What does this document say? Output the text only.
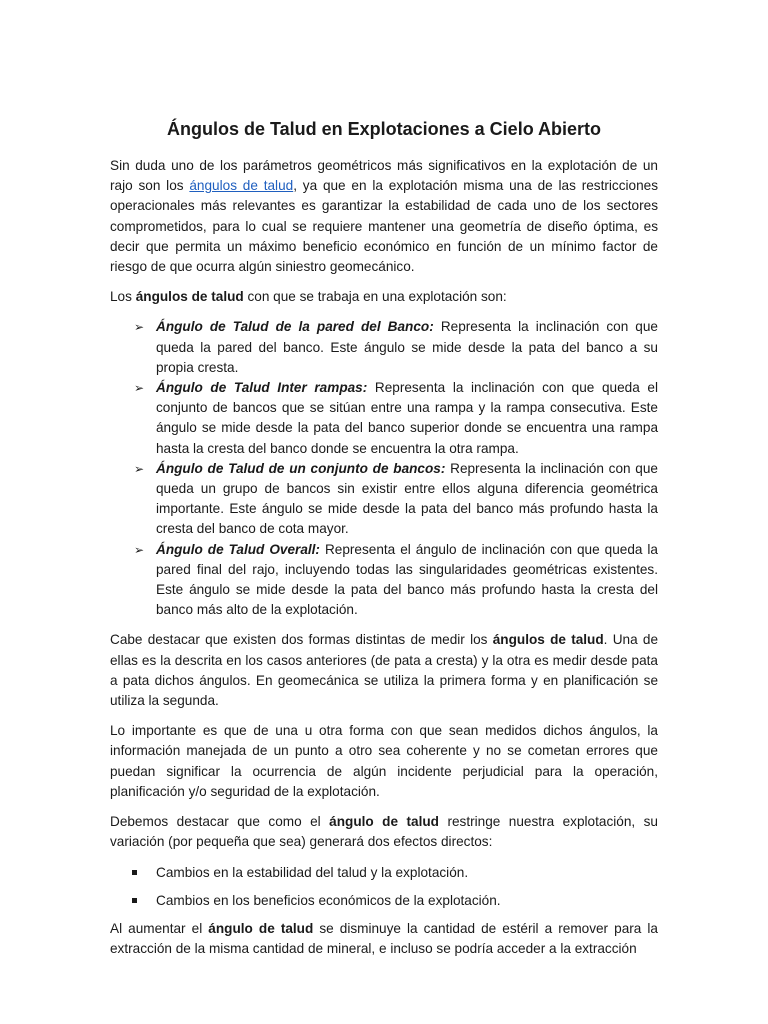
Ángulos de Talud en Explotaciones a Cielo Abierto

Sin duda uno de los parámetros geométricos más significativos en la explotación de un rajo son los ángulos de talud, ya que en la explotación misma una de las restricciones operacionales más relevantes es garantizar la estabilidad de cada uno de los sectores comprometidos, para lo cual se requiere mantener una geometría de diseño óptima, es decir que permita un máximo beneficio económico en función de un mínimo factor de riesgo de que ocurra algún siniestro geomecánico.

Los ángulos de talud con que se trabaja en una explotación son:

➢ Ángulo de Talud de la pared del Banco: Representa la inclinación con que queda la pared del banco. Este ángulo se mide desde la pata del banco a su propia cresta.
➢ Ángulo de Talud Inter rampas: Representa la inclinación con que queda el conjunto de bancos que se sitúan entre una rampa y la rampa consecutiva. Este ángulo se mide desde la pata del banco superior donde se encuentra una rampa hasta la cresta del banco donde se encuentra la otra rampa.
➢ Ángulo de Talud de un conjunto de bancos: Representa la inclinación con que queda un grupo de bancos sin existir entre ellos alguna diferencia geométrica importante. Este ángulo se mide desde la pata del banco más profundo hasta la cresta del banco de cota mayor.
➢ Ángulo de Talud Overall: Representa el ángulo de inclinación con que queda la pared final del rajo, incluyendo todas las singularidades geométricas existentes. Este ángulo se mide desde la pata del banco más profundo hasta la cresta del banco más alto de la explotación.

Cabe destacar que existen dos formas distintas de medir los ángulos de talud. Una de ellas es la descrita en los casos anteriores (de pata a cresta) y la otra es medir desde pata a pata dichos ángulos. En geomecánica se utiliza la primera forma y en planificación se utiliza la segunda.

Lo importante es que de una u otra forma con que sean medidos dichos ángulos, la información manejada de un punto a otro sea coherente y no se cometan errores que puedan significar la ocurrencia de algún incidente perjudicial para la operación, planificación y/o seguridad de la explotación.

Debemos destacar que como el ángulo de talud restringe nuestra explotación, su variación (por pequeña que sea) generará dos efectos directos:

Cambios en la estabilidad del talud y la explotación.
Cambios en los beneficios económicos de la explotación.

Al aumentar el ángulo de talud se disminuye la cantidad de estéril a remover para la extracción de la misma cantidad de mineral, e incluso se podría acceder a la extracción
